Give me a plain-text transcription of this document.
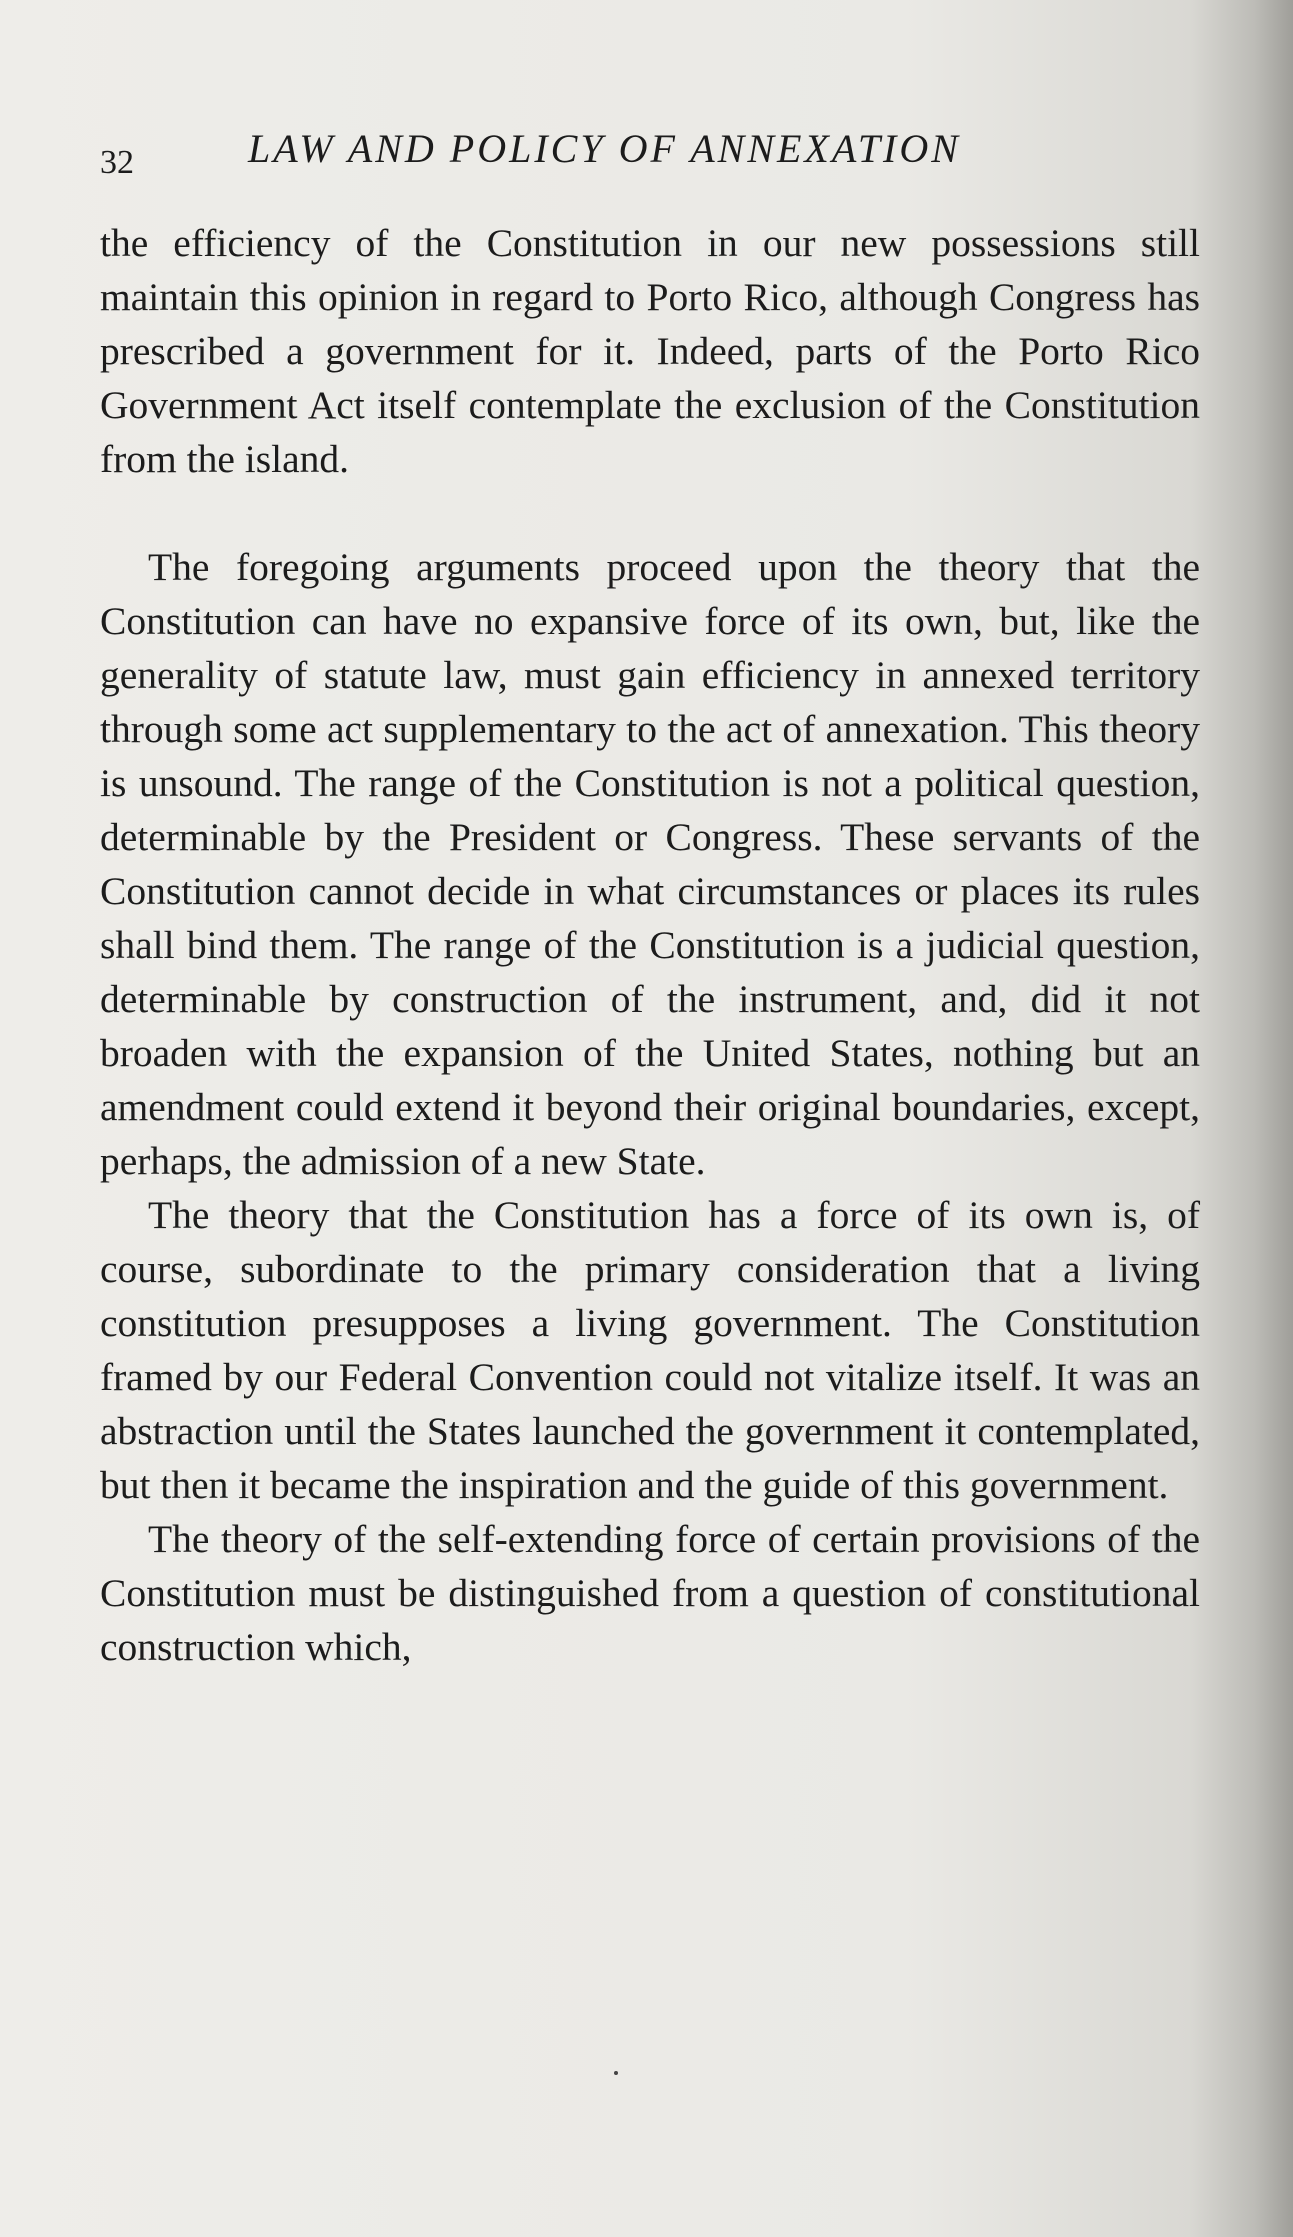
32	LAW AND POLICY OF ANNEXATION

the efficiency of the Constitution in our new possessions still maintain this opinion in regard to Porto Rico, although Congress has prescribed a government for it. Indeed, parts of the Porto Rico Government Act itself contemplate the exclusion of the Constitution from the island.

The foregoing arguments proceed upon the theory that the Constitution can have no expansive force of its own, but, like the generality of statute law, must gain efficiency in annexed territory through some act supplementary to the act of annexation. This theory is unsound. The range of the Constitution is not a political question, determinable by the President or Congress. These servants of the Constitution cannot decide in what circumstances or places its rules shall bind them. The range of the Constitution is a judicial question, determinable by construction of the instrument, and, did it not broaden with the expansion of the United States, nothing but an amendment could extend it beyond their original boundaries, except, perhaps, the admission of a new State.

The theory that the Constitution has a force of its own is, of course, subordinate to the primary consideration that a living constitution presupposes a living government. The Constitution framed by our Federal Convention could not vitalize itself. It was an abstraction until the States launched the government it contemplated, but then it became the inspiration and the guide of this government.

The theory of the self-extending force of certain provisions of the Constitution must be distinguished from a question of constitutional construction which,
